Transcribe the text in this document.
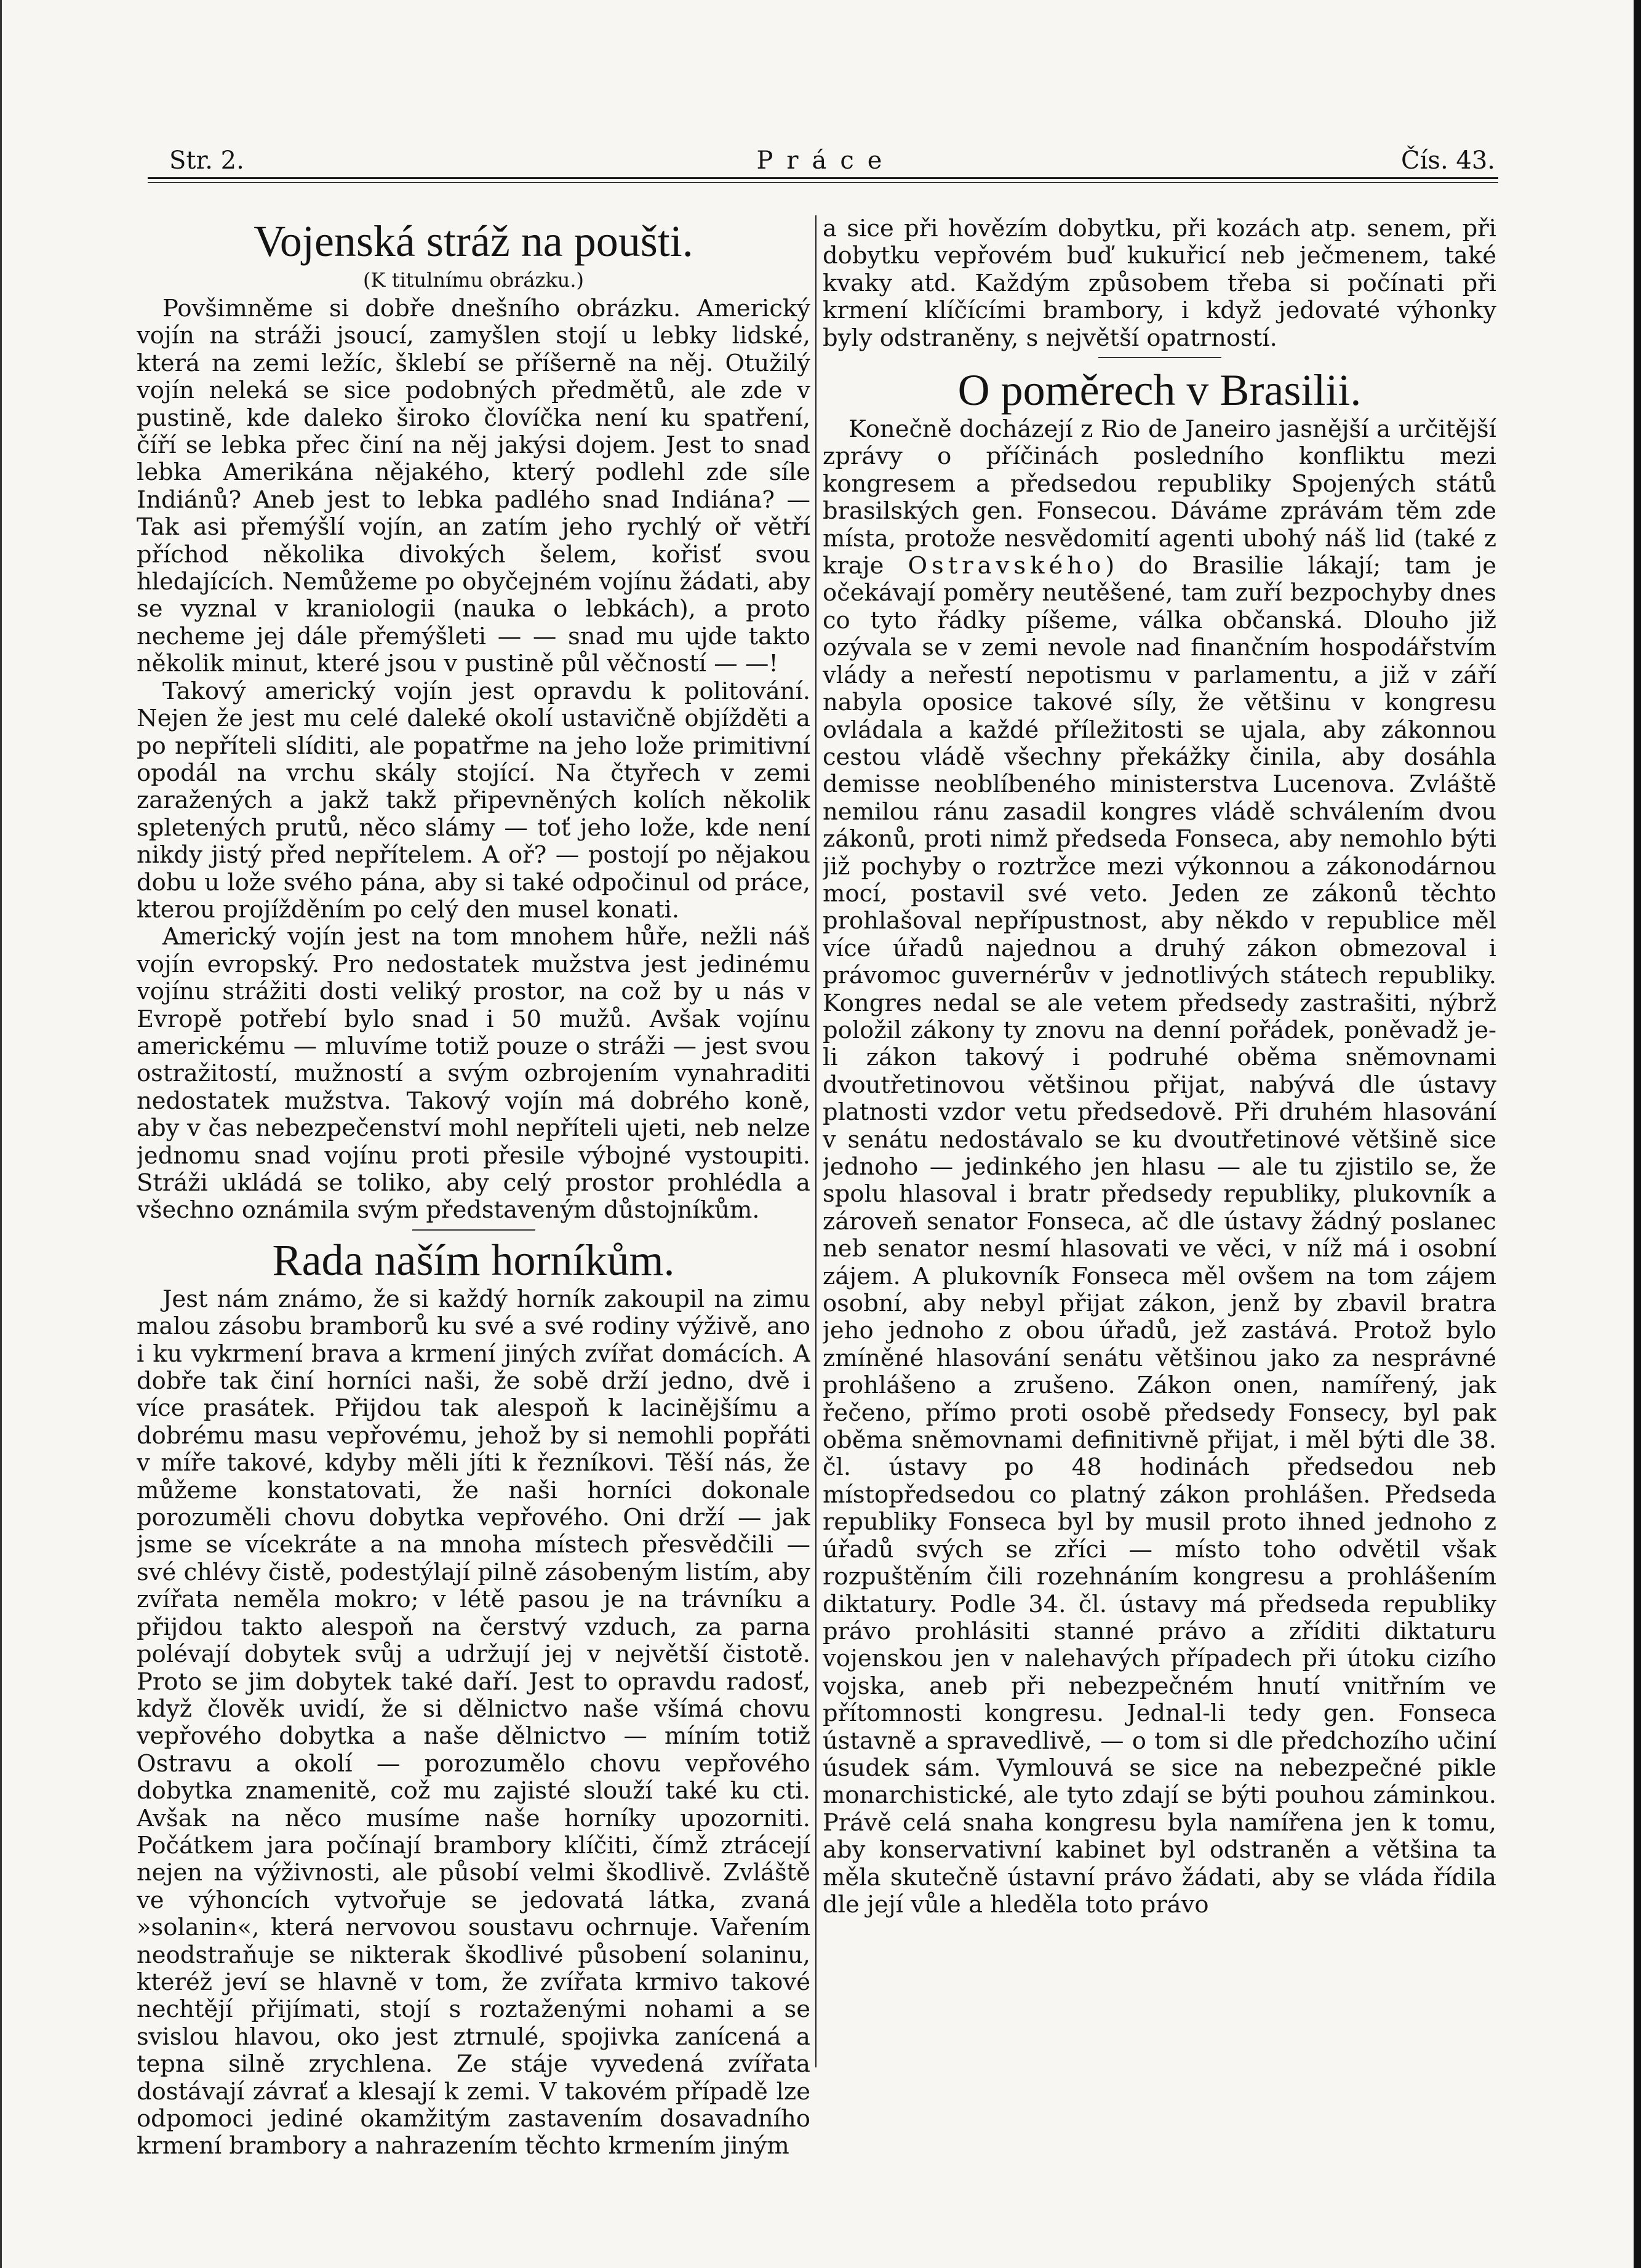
Str. 2.	Práce	Čís. 43.
Vojenská stráž na poušti.
(K titulnímu obrázku.)

Povšimněme si dobře dnešního obrázku. Americký vojín na stráži jsoucí, zamyšlen stojí u lebky lidské, která na zemi ležíc, šklebí se příšerně na něj. Otužilý vojín neleká se sice podobných předmětů, ale zde v pustině, kde daleko široko človíčka není ku spatření, číří se lebka přec činí na něj jakýsi dojem. Jest to snad lebka Amerikána nějakého, který podlehl zde síle Indiánů? Aneb jest to lebka padlého snad Indiána? — Tak asi přemýšlí vojín, an zatím jeho rychlý oř větří příchod několika divokých šelem, kořisť svou hledajících. Nemůžeme po obyčejném vojínu žádati, aby se vyznal v kraniologii (nauka o lebkách), a proto necheme jej dále přemýšleti — — snad mu ujde takto několik minut, které jsou v pustině půl věčností — —!

Takový americký vojín jest opravdu k politování. Nejen že jest mu celé daleké okolí ustavičně objížděti a po nepříteli slíditi, ale popatřme na jeho lože primitivní opodál na vrchu skály stojící. Na čtyřech v zemi zaražených a jakž takž připevněných kolích několik spletených prutů, něco slámy — toť jeho lože, kde není nikdy jistý před nepřítelem. A oř? — postojí po nějakou dobu u lože svého pána, aby si také odpočinul od práce, kterou projížděním po celý den musel konati.

Americký vojín jest na tom mnohem hůře, nežli náš vojín evropský. Pro nedostatek mužstva jest jedinému vojínu strážiti dosti veliký prostor, na což by u nás v Evropě potřebí bylo snad i 50 mužů. Avšak vojínu americkému — mluvíme totiž pouze o stráži — jest svou ostražitostí, mužností a svým ozbrojením vynahraditi nedostatek mužstva. Takový vojín má dobrého koně, aby v čas nebezpečenství mohl nepříteli ujeti, neb nelze jednomu snad vojínu proti přesile výbojné vystoupiti. Stráži ukládá se toliko, aby celý prostor prohlédla a všechno oznámila svým představeným důstojníkům.

Rada naším horníkům.

Jest nám známo, že si každý horník zakoupil na zimu malou zásobu bramborů ku své a své rodiny výživě, ano i ku vykrmení brava a krmení jiných zvířat domácích. A dobře tak činí horníci naši, že sobě drží jedno, dvě i více prasátek. Přijdou tak alespoň k lacinějšímu a dobrému masu vepřovému, jehož by si nemohli popřáti v míře takové, kdyby měli jíti k řezníkovi. Těší nás, že můžeme konstatovati, že naši horníci dokonale porozuměli chovu dobytka vepřového. Oni drží — jak jsme se vícekráte a na mnoha místech přesvědčili — své chlévy čistě, podestýlají pilně zásobeným listím, aby zvířata neměla mokro; v létě pasou je na trávníku a přijdou takto alespoň na čerstvý vzduch, za parna polévají dobytek svůj a udržují jej v největší čistotě. Proto se jim dobytek také daří. Jest to opravdu radosť, když člověk uvidí, že si dělnictvo naše všímá chovu vepřového dobytka a naše dělnictvo — míním totiž Ostravu a okolí — porozumělo chovu vepřového dobytka znamenitě, což mu zajisté slouží také ku cti. Avšak na něco musíme naše horníky upozorniti. Počátkem jara počínají brambory klíčiti, čímž ztrácejí nejen na výživnosti, ale působí velmi škodlivě. Zvláště ve výhoncích vytvořuje se jedovatá látka, zvaná »solanin«, která nervovou soustavu ochrnuje. Vařením neodstraňuje se nikterak škodlivé působení solaninu, kteréž jeví se hlavně v tom, že zvířata krmivo takové nechtějí přijímati, stojí s roztaženými nohami a se svislou hlavou, oko jest ztrnulé, spojivka zanícená a tepna silně zrychlena. Ze stáje vyvedená zvířata dostávají závrať a klesají k zemi. V takovém případě lze odpomoci jediné okamžitým zastavením dosavadního krmení brambory a nahrazením těchto krmením jiným

a sice při hovězím dobytku, při kozách atp. senem, při dobytku vepřovém buď kukuřicí neb ječmenem, také kvaky atd. Každým způsobem třeba si počínati při krmení klíčícími brambory, i když jedovaté výhonky byly odstraněny, s největší opatrností.

O poměrech v Brasilii.

Konečně docházejí z Rio de Janeiro jasnější a určitější zprávy o příčinách posledního konfliktu mezi kongresem a předsedou republiky Spojených států brasilských gen. Fonsecou. Dáváme zprávám těm zde místa, protože nesvědomití agenti ubohý náš lid (také z kraje Ostravského) do Brasilie lákají; tam je očekávají poměry neutěšené, tam zuří bezpochyby dnes co tyto řádky píšeme, válka občanská. Dlouho již ozývala se v zemi nevole nad finančním hospodářstvím vlády a neřestí nepotismu v parlamentu, a již v září nabyla oposice takové síly, že většinu v kongresu ovládala a každé příležitosti se ujala, aby zákonnou cestou vládě všechny překážky činila, aby dosáhla demisse neoblíbeného ministerstva Lucenova. Zvláště nemilou ránu zasadil kongres vládě schválením dvou zákonů, proti nimž předseda Fonseca, aby nemohlo býti již pochyby o roztržce mezi výkonnou a zákonodárnou mocí, postavil své veto. Jeden ze zákonů těchto prohlašoval nepřípustnost, aby někdo v republice měl více úřadů najednou a druhý zákon obmezoval i právomoc guvernérův v jednotlivých státech republiky. Kongres nedal se ale vetem předsedy zastrašiti, nýbrž položil zákony ty znovu na denní pořádek, poněvadž je-li zákon takový i podruhé oběma sněmovnami dvoutřetinovou většinou přijat, nabývá dle ústavy platnosti vzdor vetu předsedově. Při druhém hlasování v senátu nedostávalo se ku dvoutřetinové většině sice jednoho — jedinkého jen hlasu — ale tu zjistilo se, že spolu hlasoval i bratr předsedy republiky, plukovník a zároveň senator Fonseca, ač dle ústavy žádný poslanec neb senator nesmí hlasovati ve věci, v níž má i osobní zájem. A plukovník Fonseca měl ovšem na tom zájem osobní, aby nebyl přijat zákon, jenž by zbavil bratra jeho jednoho z obou úřadů, jež zastává. Protož bylo zmíněné hlasování senátu většinou jako za nesprávné prohlášeno a zrušeno. Zákon onen, namířený, jak řečeno, přímo proti osobě předsedy Fonsecy, byl pak oběma sněmovnami definitivně přijat, i měl býti dle 38. čl. ústavy po 48 hodinách předsedou neb místopředsedou co platný zákon prohlášen. Předseda republiky Fonseca byl by musil proto ihned jednoho z úřadů svých se zříci — místo toho odvětil však rozpuštěním čili rozehnáním kongresu a prohlášením diktatury. Podle 34. čl. ústavy má předseda republiky právo prohlásiti stanné právo a zříditi diktaturu vojenskou jen v nalehavých případech při útoku cizího vojska, aneb při nebezpečném hnutí vnitřním ve přítomnosti kongresu. Jednal-li tedy gen. Fonseca ústavně a spravedlivě, — o tom si dle předchozího učiní úsudek sám. Vymlouvá se sice na nebezpečné pikle monarchistické, ale tyto zdají se býti pouhou záminkou. Právě celá snaha kongresu byla namířena jen k tomu, aby konservativní kabinet byl odstraněn a většina ta měla skutečně ústavní právo žádati, aby se vláda řídila dle její vůle a hleděla toto právo
